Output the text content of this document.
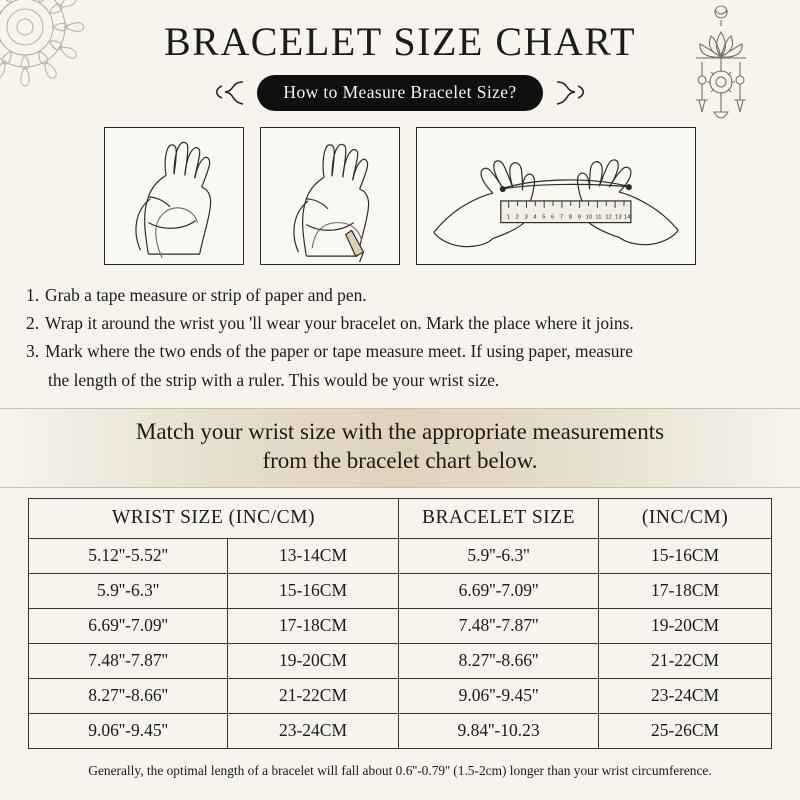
BRACELET SIZE CHART
How to Measure Bracelet Size?
1 2 3 4 5 6 7 8 9 10 11 12 13 14
1. Grab a tape measure or strip of paper and pen.
2. Wrap it around the wrist you 'll wear your bracelet on. Mark the place where it joins.
3. Mark where the two ends of the paper or tape measure meet. If using paper, measure
the length of the strip with a ruler. This would be your wrist size.
Match your wrist size with the appropriate measurements
from the bracelet chart below.
WRIST SIZE (INC/CM)		BRACELET SIZE	(INC/CM)
5.12''-5.52''	13-14CM	5.9''-6.3''	15-16CM
5.9''-6.3''	15-16CM	6.69''-7.09''	17-18CM
6.69''-7.09''	17-18CM	7.48''-7.87''	19-20CM
7.48''-7.87''	19-20CM	8.27''-8.66''	21-22CM
8.27''-8.66''	21-22CM	9.06''-9.45''	23-24CM
9.06''-9.45''	23-24CM	9.84''-10.23	25-26CM
Generally, the optimal length of a bracelet will fall about 0.6''-0.79'' (1.5-2cm) longer than your wrist circumference.
